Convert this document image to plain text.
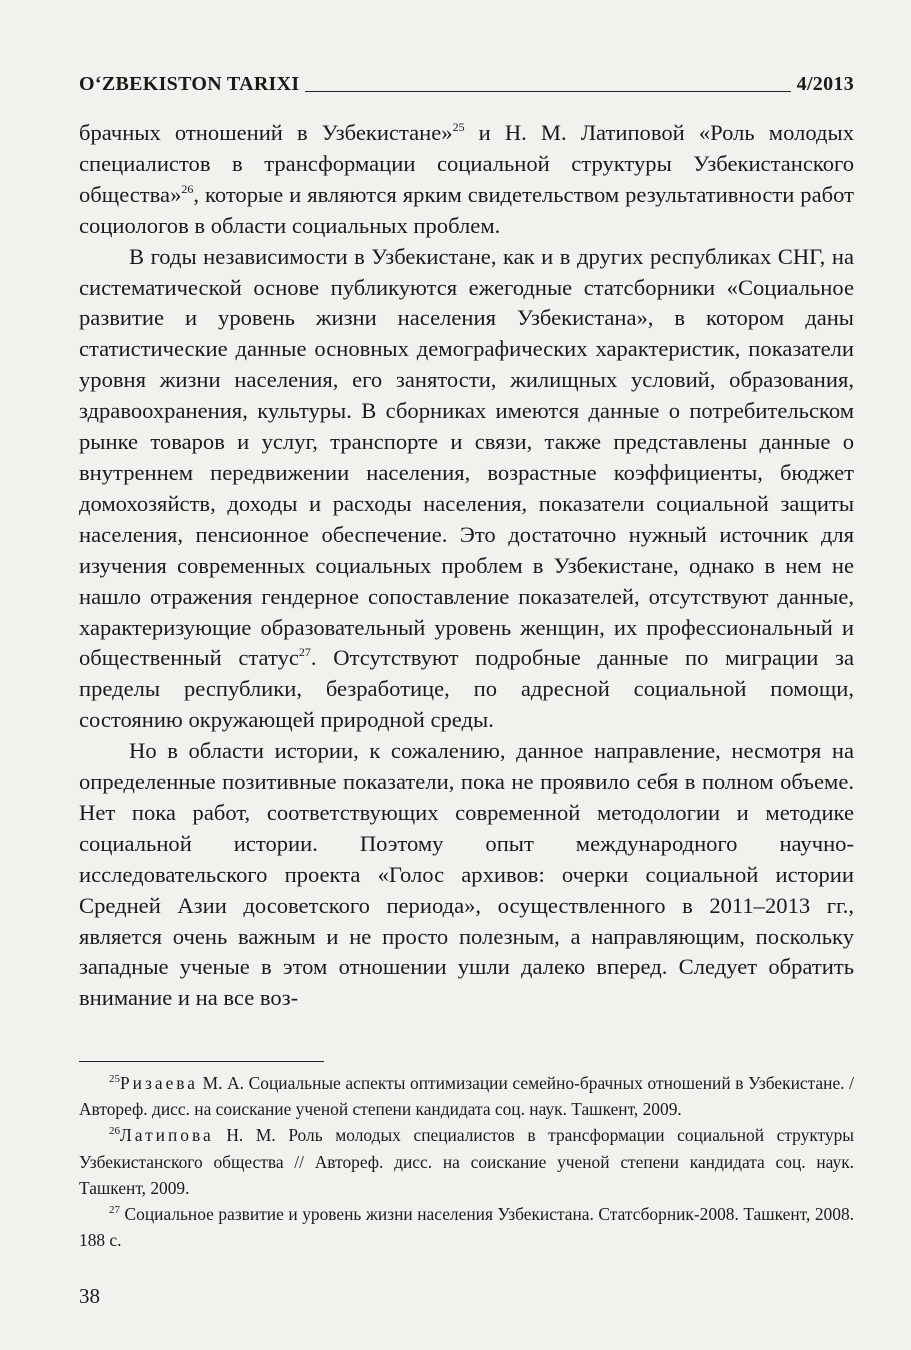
O‘ZBEKISTON TARIXI	4/2013

брачных отношений в Узбекистане»$^{25}$ и Н. М. Латиповой «Роль молодых специалистов в трансформации социальной структуры Узбекистанского общества»$^{26}$, которые и являются ярким свидетельством результативности работ социологов в области социальных проблем.

В годы независимости в Узбекистане, как и в других республиках СНГ, на систематической основе публикуются ежегодные статсборники «Социальное развитие и уровень жизни населения Узбекистана», в котором даны статистические данные основных демографических характеристик, показатели уровня жизни населения, его занятости, жилищных условий, образования, здравоохранения, культуры. В сборниках имеются данные о потребительском рынке товаров и услуг, транспорте и связи, также представлены данные о внутреннем передвижении населения, возрастные коэффициенты, бюджет домохозяйств, доходы и расходы населения, показатели социальной защиты населения, пенсионное обеспечение. Это достаточно нужный источник для изучения современных социальных проблем в Узбекистане, однако в нем не нашло отражения гендерное сопоставление показателей, отсутствуют данные, характеризующие образовательный уровень женщин, их профессиональный и общественный статус$^{27}$. Отсутствуют подробные данные по миграции за пределы республики, безработице, по адресной социальной помощи, состоянию окружающей природной среды.

Но в области истории, к сожалению, данное направление, несмотря на определенные позитивные показатели, пока не проявило себя в полном объеме. Нет пока работ, соответствующих современной методологии и методике социальной истории. Поэтому опыт международного научно-исследовательского проекта «Голос архивов: очерки социальной истории Средней Азии досоветского периода», осуществленного в 2011–2013 гг., является очень важным и не просто полезным, а направляющим, поскольку западные ученые в этом отношении ушли далеко вперед. Следует обратить внимание и на все воз-

$^{25}$Ризаева М. А. Социальные аспекты оптимизации семейно-брачных отношений в Узбекистане. / Автореф. дисс. на соискание ученой степени кандидата соц. наук. Ташкент, 2009.

$^{26}$Латипова Н. М. Роль молодых специалистов в трансформации социальной структуры Узбекистанского общества // Автореф. дисс. на соискание ученой степени кандидата соц. наук. Ташкент, 2009.

$^{27}$ Социальное развитие и уровень жизни населения Узбекистана. Статсборник-2008. Ташкент, 2008. 188 с.

38
